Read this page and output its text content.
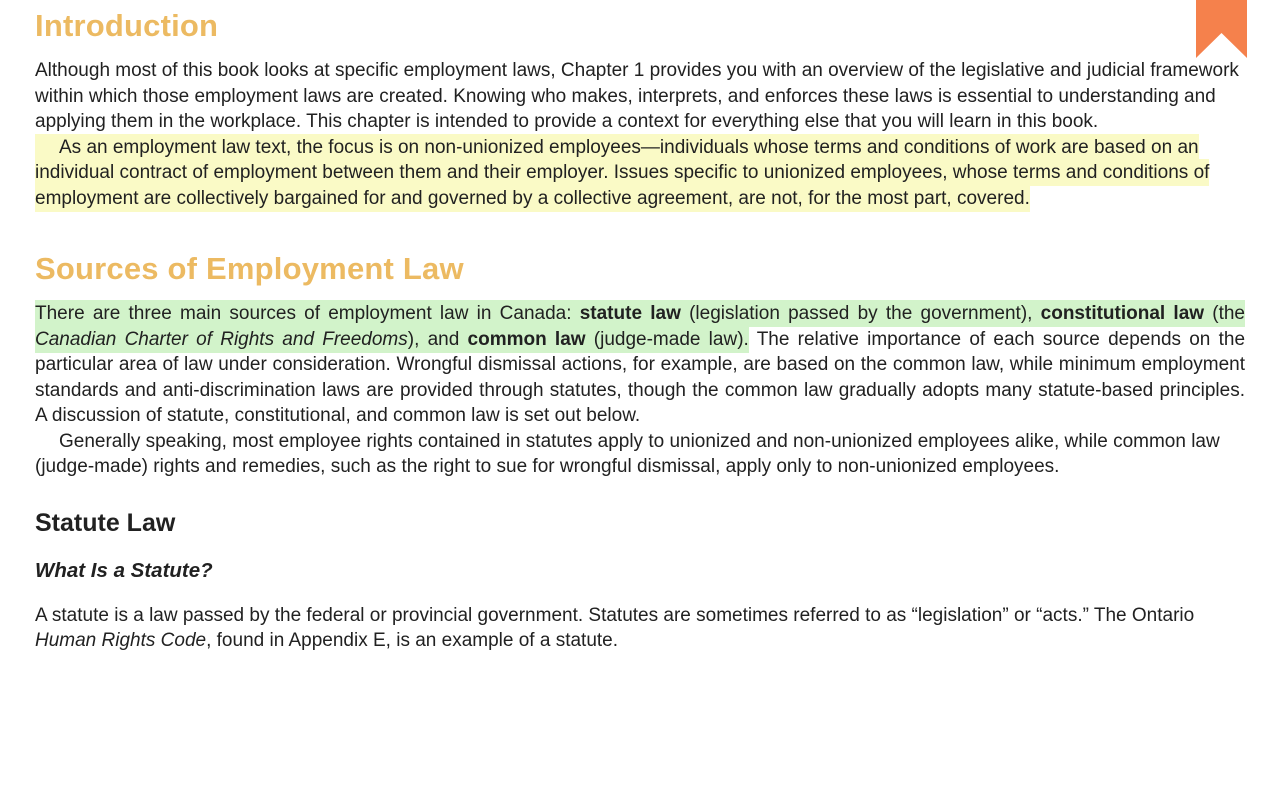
Introduction

Although most of this book looks at specific employment laws, Chapter 1 provides you with an overview of the legislative and judicial framework within which those employment laws are created. Knowing who makes, interprets, and enforces these laws is essential to understanding and applying them in the workplace. This chapter is intended to provide a context for everything else that you will learn in this book.

As an employment law text, the focus is on non-unionized employees—individuals whose terms and conditions of work are based on an individual contract of employment between them and their employer. Issues specific to unionized employees, whose terms and conditions of employment are collectively bargained for and governed by a collective agreement, are not, for the most part, covered.

Sources of Employment Law

There are three main sources of employment law in Canada: statute law (legislation passed by the government), constitutional law (the Canadian Charter of Rights and Freedoms), and common law (judge-made law). The relative importance of each source depends on the particular area of law under consideration. Wrongful dismissal actions, for example, are based on the common law, while minimum employment standards and anti-discrimination laws are provided through statutes, though the common law gradually adopts many statute-based principles. A discussion of statute, constitutional, and common law is set out below.

Generally speaking, most employee rights contained in statutes apply to unionized and non-unionized employees alike, while common law (judge-made) rights and remedies, such as the right to sue for wrongful dismissal, apply only to non-unionized employees.

Statute Law
What Is a Statute?

A statute is a law passed by the federal or provincial government. Statutes are sometimes referred to as “legislation” or “acts.” The Ontario Human Rights Code, found in Appendix E, is an example of a statute.
